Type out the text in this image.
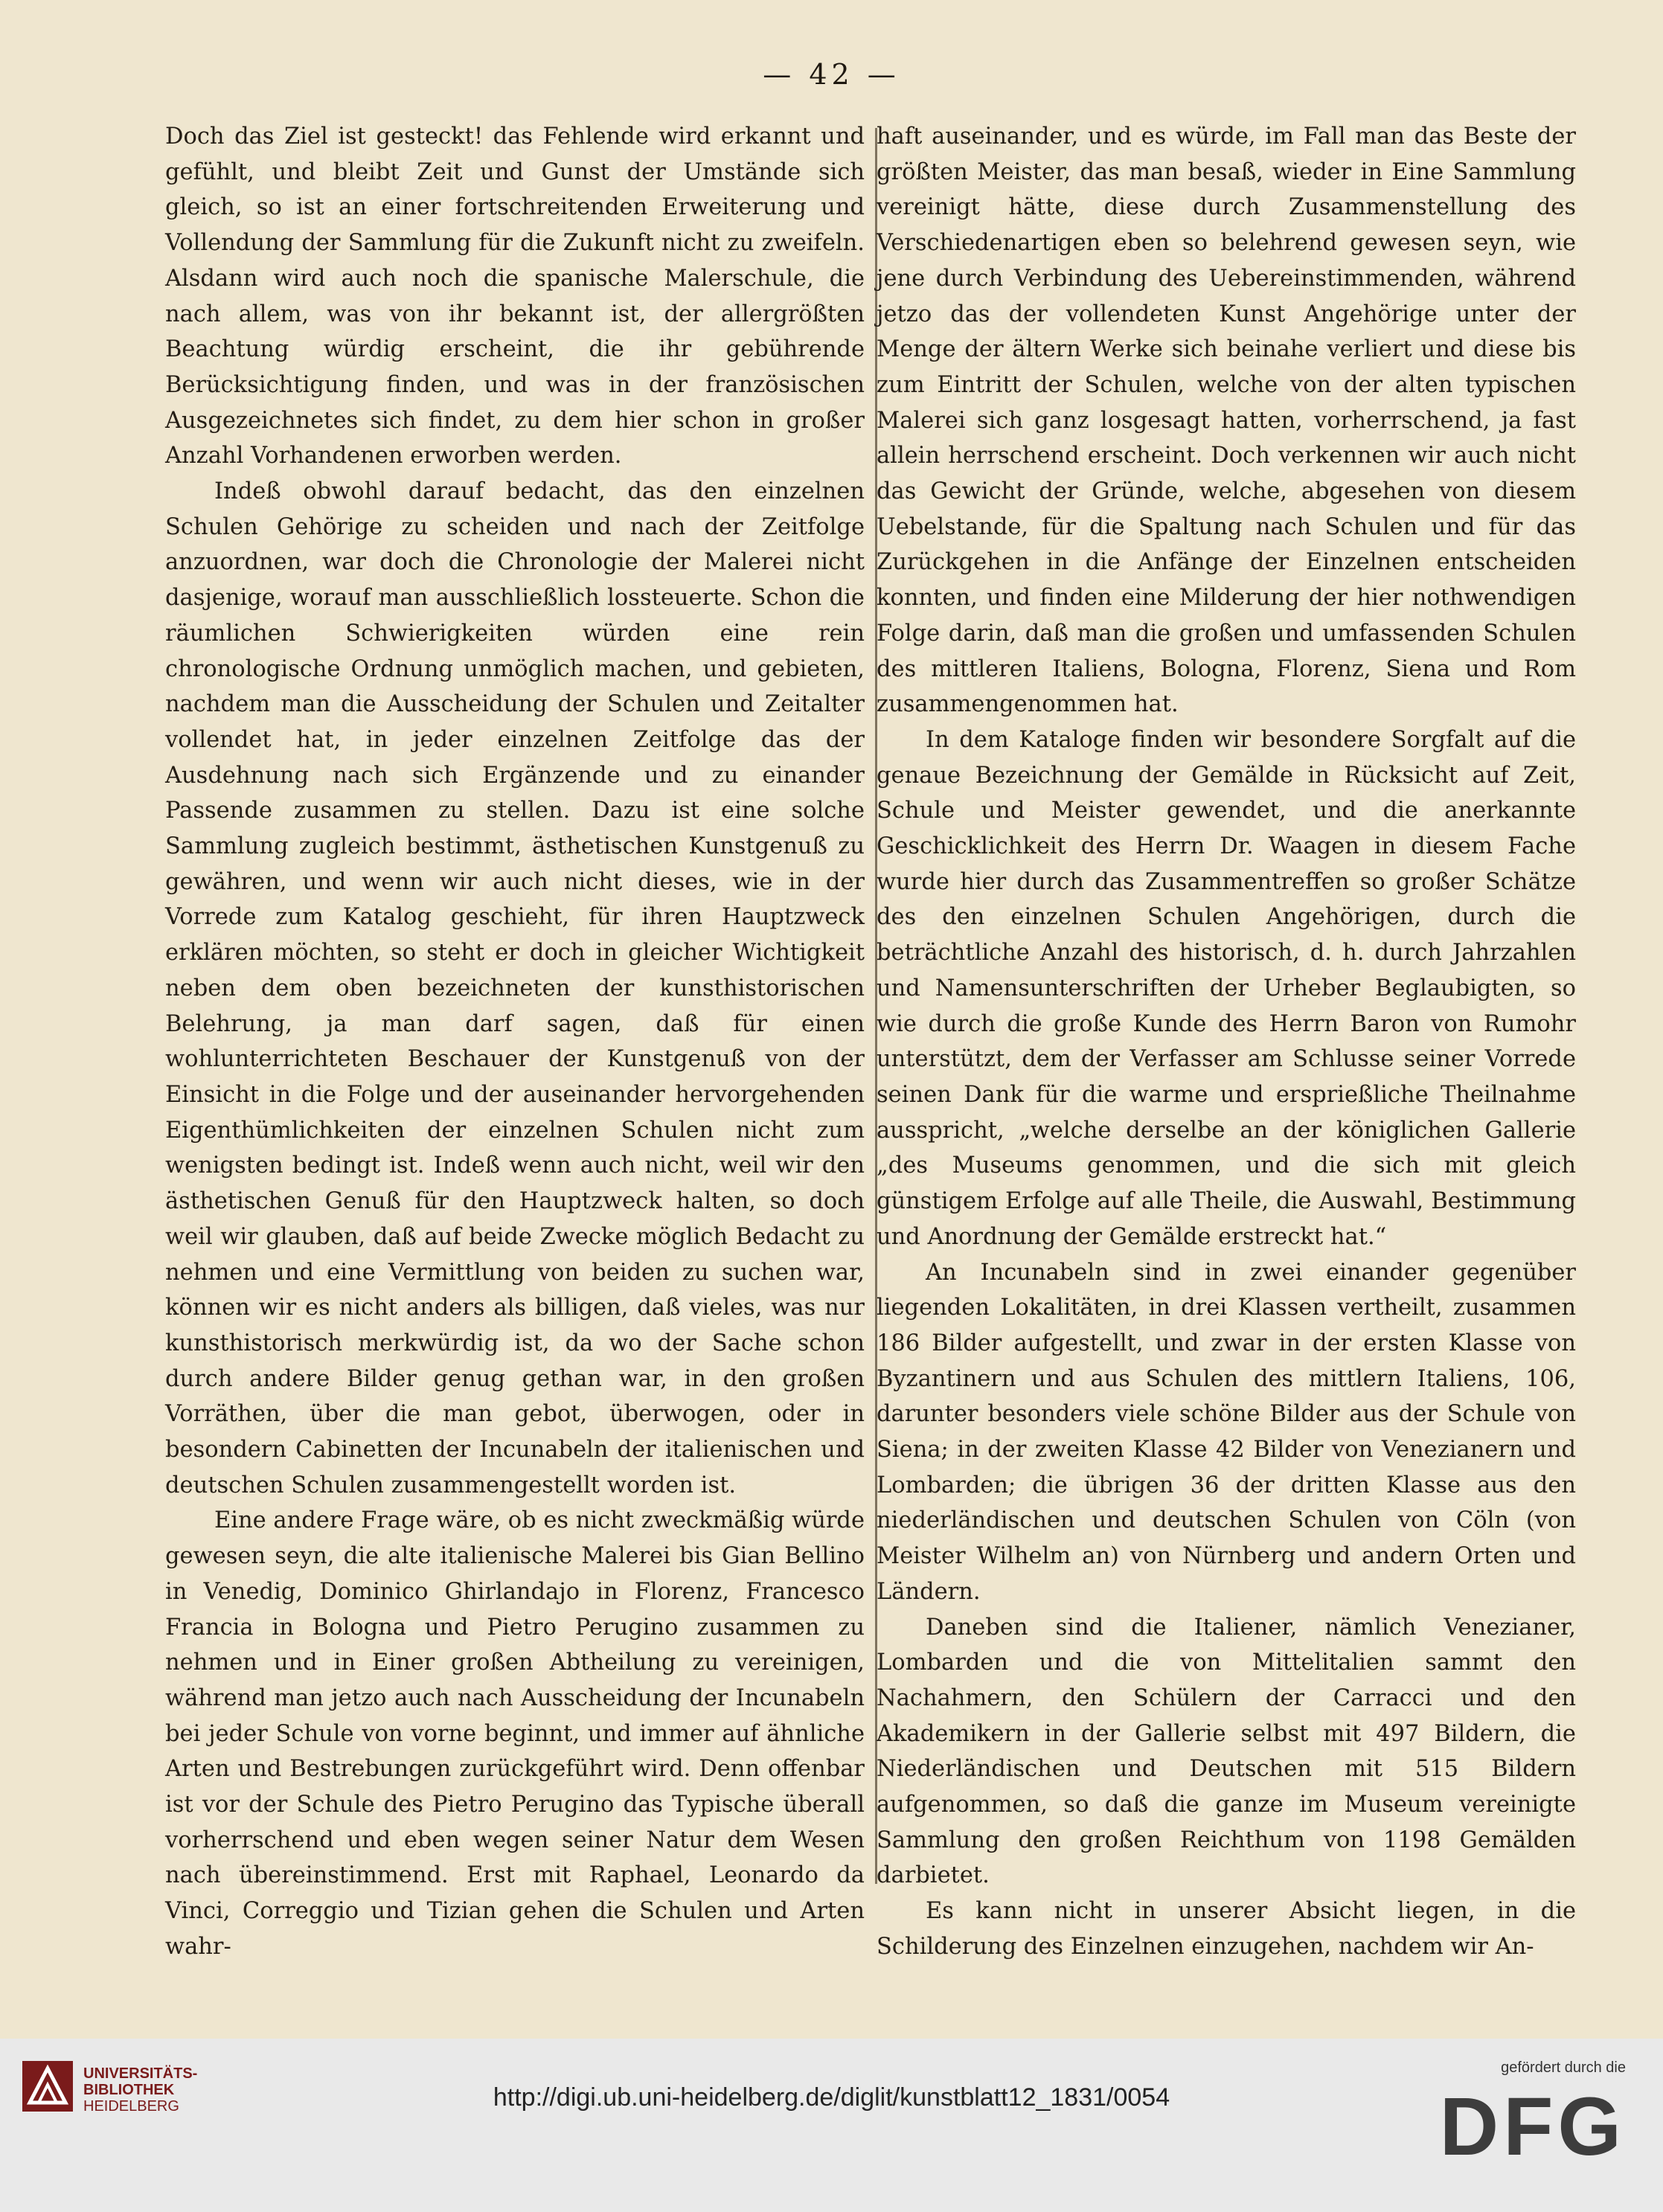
— 42 —

Doch das Ziel ist gesteckt! das Fehlende wird erkannt und gefühlt, und bleibt Zeit und Gunst der Umstände sich gleich, so ist an einer fortschreitenden Erweiterung und Vollendung der Sammlung für die Zukunft nicht zu zweifeln. Alsdann wird auch noch die spanische Malerschule, die nach allem, was von ihr bekannt ist, der allergrößten Beachtung würdig erscheint, die ihr gebührende Berücksichtigung finden, und was in der französischen Ausgezeichnetes sich findet, zu dem hier schon in großer Anzahl Vorhandenen erworben werden.

Indeß obwohl darauf bedacht, das den einzelnen Schulen Gehörige zu scheiden und nach der Zeitfolge anzuordnen, war doch die Chronologie der Malerei nicht dasjenige, worauf man ausschließlich lossteuerte. Schon die räumlichen Schwierigkeiten würden eine rein chronologische Ordnung unmöglich machen, und gebieten, nachdem man die Ausscheidung der Schulen und Zeitalter vollendet hat, in jeder einzelnen Zeitfolge das der Ausdehnung nach sich Ergänzende und zu einander Passende zusammen zu stellen. Dazu ist eine solche Sammlung zugleich bestimmt, ästhetischen Kunstgenuß zu gewähren, und wenn wir auch nicht dieses, wie in der Vorrede zum Katalog geschieht, für ihren Hauptzweck erklären möchten, so steht er doch in gleicher Wichtigkeit neben dem oben bezeichneten der kunsthistorischen Belehrung, ja man darf sagen, daß für einen wohlunterrichteten Beschauer der Kunstgenuß von der Einsicht in die Folge und der auseinander hervorgehenden Eigenthümlichkeiten der einzelnen Schulen nicht zum wenigsten bedingt ist. Indeß wenn auch nicht, weil wir den ästhetischen Genuß für den Hauptzweck halten, so doch weil wir glauben, daß auf beide Zwecke möglich Bedacht zu nehmen und eine Vermittlung von beiden zu suchen war, können wir es nicht anders als billigen, daß vieles, was nur kunsthistorisch merkwürdig ist, da wo der Sache schon durch andere Bilder genug gethan war, in den großen Vorräthen, über die man gebot, überwogen, oder in besondern Cabinetten der Incunabeln der italienischen und deutschen Schulen zusammengestellt worden ist.

Eine andere Frage wäre, ob es nicht zweckmäßig würde gewesen seyn, die alte italienische Malerei bis Gian Bellino in Venedig, Dominico Ghirlandajo in Florenz, Francesco Francia in Bologna und Pietro Perugino zusammen zu nehmen und in Einer großen Abtheilung zu vereinigen, während man jetzo auch nach Ausscheidung der Incunabeln bei jeder Schule von vorne beginnt, und immer auf ähnliche Arten und Bestrebungen zurückgeführt wird. Denn offenbar ist vor der Schule des Pietro Perugino das Typische überall vorherrschend und eben wegen seiner Natur dem Wesen nach übereinstimmend. Erst mit Raphael, Leonardo da Vinci, Correggio und Tizian gehen die Schulen und Arten wahr-

haft auseinander, und es würde, im Fall man das Beste der größten Meister, das man besaß, wieder in Eine Sammlung vereinigt hätte, diese durch Zusammenstellung des Verschiedenartigen eben so belehrend gewesen seyn, wie jene durch Verbindung des Uebereinstimmenden, während jetzo das der vollendeten Kunst Angehörige unter der Menge der ältern Werke sich beinahe verliert und diese bis zum Eintritt der Schulen, welche von der alten typischen Malerei sich ganz losgesagt hatten, vorherrschend, ja fast allein herrschend erscheint. Doch verkennen wir auch nicht das Gewicht der Gründe, welche, abgesehen von diesem Uebelstande, für die Spaltung nach Schulen und für das Zurückgehen in die Anfänge der Einzelnen entscheiden konnten, und finden eine Milderung der hier nothwendigen Folge darin, daß man die großen und umfassenden Schulen des mittleren Italiens, Bologna, Florenz, Siena und Rom zusammengenommen hat.

In dem Kataloge finden wir besondere Sorgfalt auf die genaue Bezeichnung der Gemälde in Rücksicht auf Zeit, Schule und Meister gewendet, und die anerkannte Geschicklichkeit des Herrn Dr. Waagen in diesem Fache wurde hier durch das Zusammentreffen so großer Schätze des den einzelnen Schulen Angehörigen, durch die beträchtliche Anzahl des historisch, d. h. durch Jahrzahlen und Namensunterschriften der Urheber Beglaubigten, so wie durch die große Kunde des Herrn Baron von Rumohr unterstützt, dem der Verfasser am Schlusse seiner Vorrede seinen Dank für die warme und ersprießliche Theilnahme ausspricht, „welche derselbe an der königlichen Gallerie „des Museums genommen, und die sich mit gleich günstigem Erfolge auf alle Theile, die Auswahl, Bestimmung und Anordnung der Gemälde erstreckt hat.“

An Incunabeln sind in zwei einander gegenüber liegenden Lokalitäten, in drei Klassen vertheilt, zusammen 186 Bilder aufgestellt, und zwar in der ersten Klasse von Byzantinern und aus Schulen des mittlern Italiens, 106, darunter besonders viele schöne Bilder aus der Schule von Siena; in der zweiten Klasse 42 Bilder von Venezianern und Lombarden; die übrigen 36 der dritten Klasse aus den niederländischen und deutschen Schulen von Cöln (von Meister Wilhelm an) von Nürnberg und andern Orten und Ländern.

Daneben sind die Italiener, nämlich Venezianer, Lombarden und die von Mittelitalien sammt den Nachahmern, den Schülern der Carracci und den Akademikern in der Gallerie selbst mit 497 Bildern, die Niederländischen und Deutschen mit 515 Bildern aufgenommen, so daß die ganze im Museum vereinigte Sammlung den großen Reichthum von 1198 Gemälden darbietet.

Es kann nicht in unserer Absicht liegen, in die Schilderung des Einzelnen einzugehen, nachdem wir An-

UNIVERSITÄTS-
BIBLIOTHEK
HEIDELBERG	http://digi.ub.uni-heidelberg.de/diglit/kunstblatt12_1831/0054
gefördert durch die
DFG
